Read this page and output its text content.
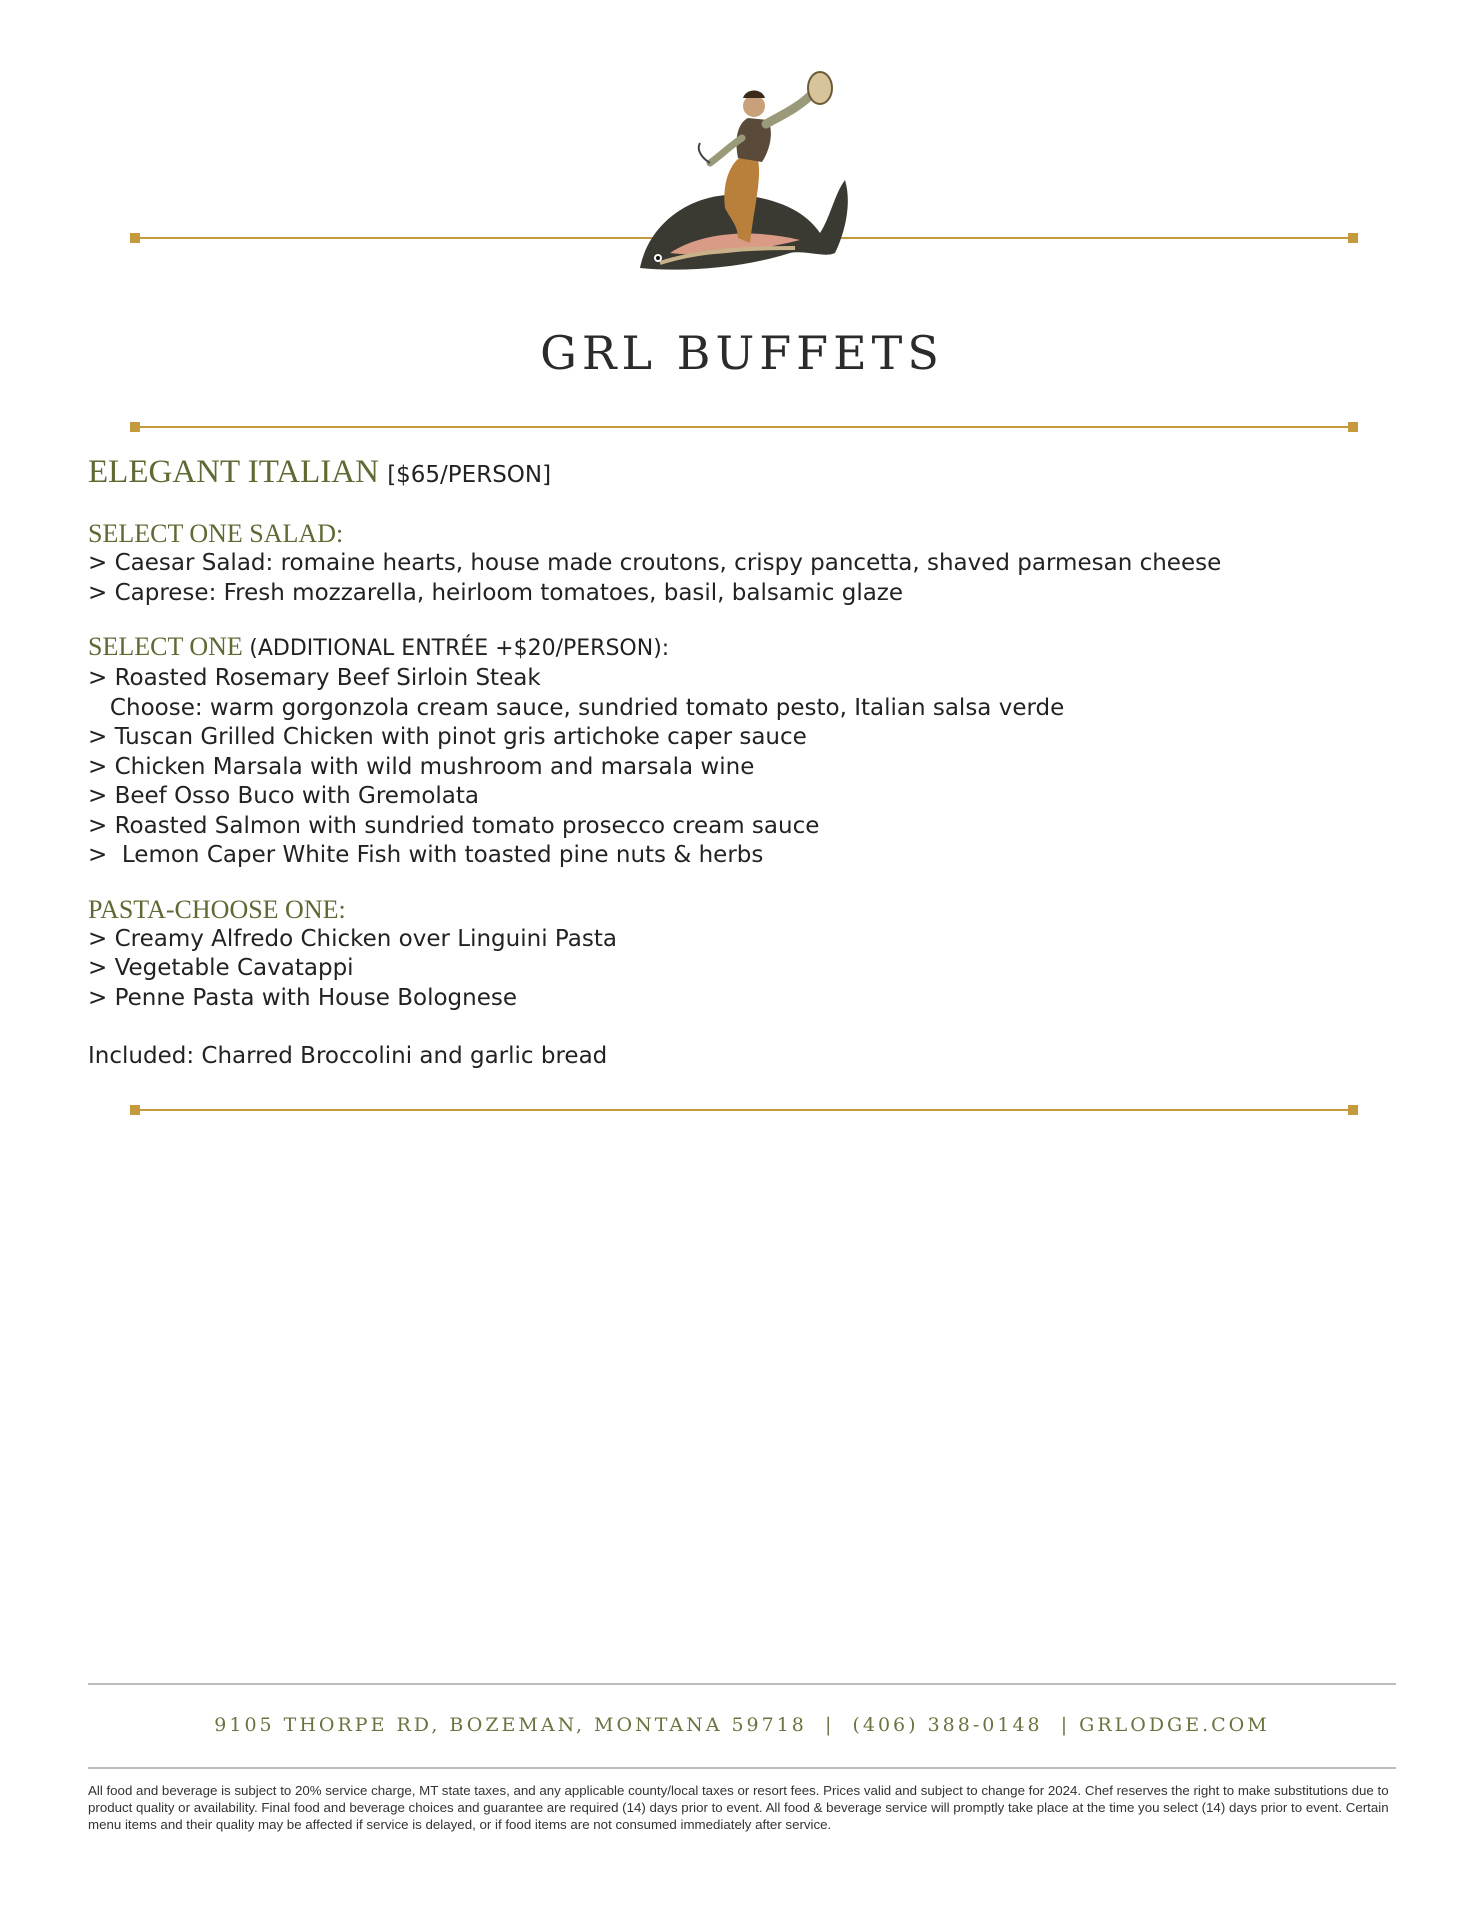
GRL BUFFETS
ELEGANT ITALIAN [$65/PERSON]
SELECT ONE SALAD:
> Caesar Salad: romaine hearts, house made croutons, crispy pancetta, shaved parmesan cheese
> Caprese: Fresh mozzarella, heirloom tomatoes, basil, balsamic glaze
SELECT ONE (ADDITIONAL ENTRÉE +$20/PERSON):
> Roasted Rosemary Beef Sirloin Steak
Choose: warm gorgonzola cream sauce, sundried tomato pesto, Italian salsa verde
> Tuscan Grilled Chicken with pinot gris artichoke caper sauce
> Chicken Marsala with wild mushroom and marsala wine
> Beef Osso Buco with Gremolata
> Roasted Salmon with sundried tomato prosecco cream sauce
>  Lemon Caper White Fish with toasted pine nuts & herbs
PASTA-CHOOSE ONE:
> Creamy Alfredo Chicken over Linguini Pasta
> Vegetable Cavatappi
> Penne Pasta with House Bolognese
Included: Charred Broccolini and garlic bread
9105 THORPE RD, BOZEMAN, MONTANA 59718  |  (406) 388-0148  | GRLODGE.COM
All food and beverage is subject to 20% service charge, MT state taxes, and any applicable county/local taxes or resort fees. Prices valid and subject to change for 2024. Chef reserves the right to make substitutions due to product quality or availability. Final food and beverage choices and guarantee are required (14) days prior to event. All food & beverage service will promptly take place at the time you select (14) days prior to event. Certain menu items and their quality may be affected if service is delayed, or if food items are not consumed immediately after service.
